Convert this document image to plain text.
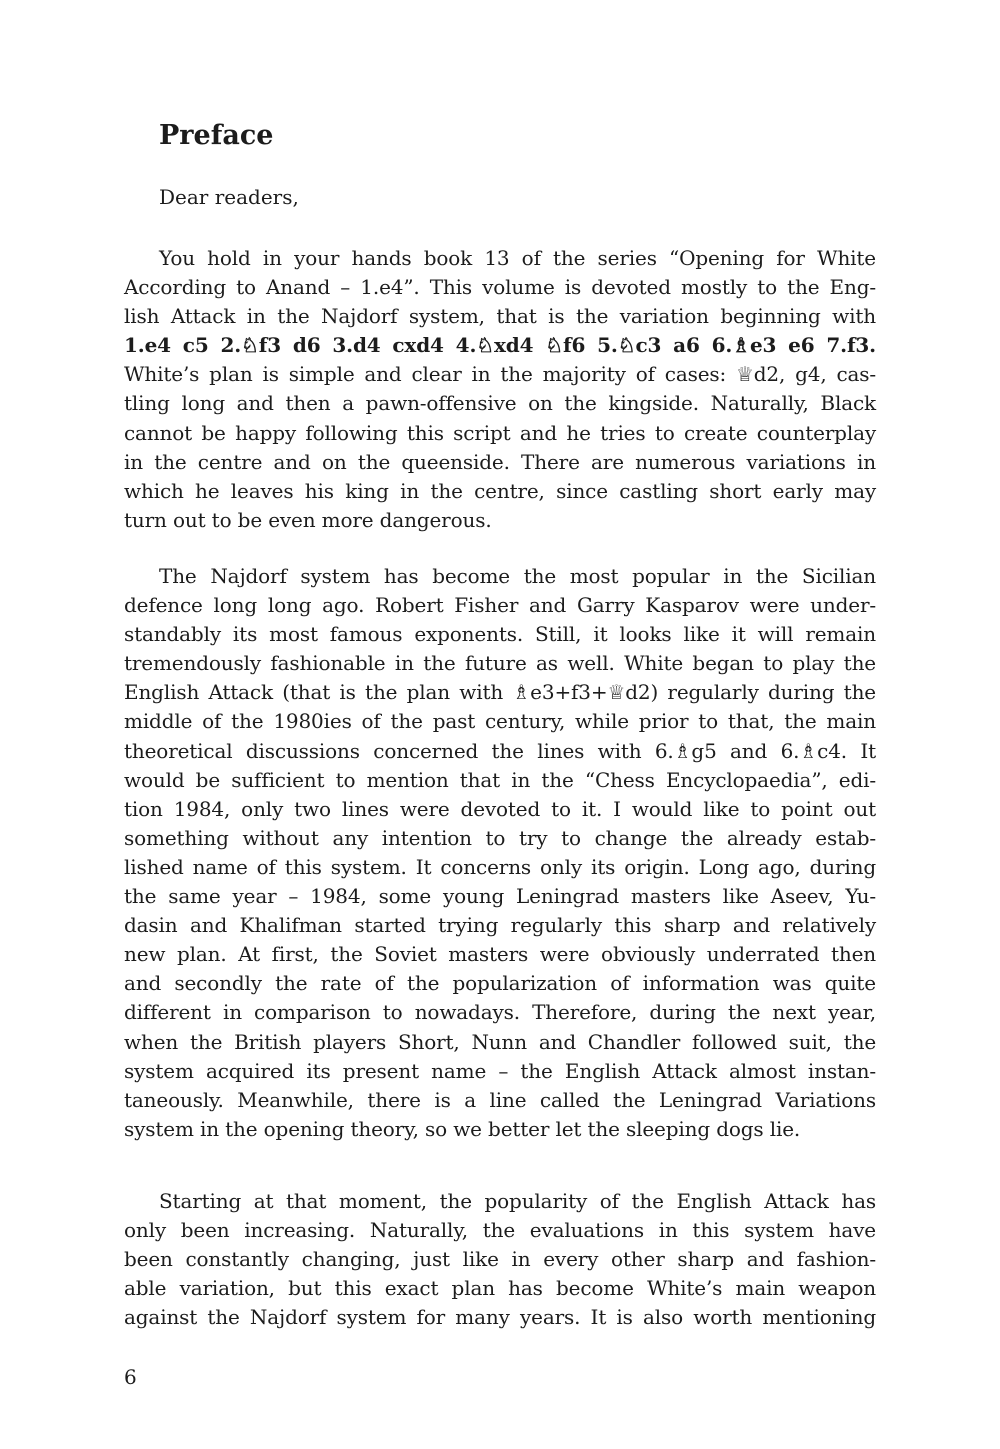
Preface

Dear readers,

You hold in your hands book 13 of the series “Opening for White
According to Anand – 1.e4”. This volume is devoted mostly to the Eng-
lish Attack in the Najdorf system, that is the variation beginning with
1.e4 c5 2.♘f3 d6 3.d4 cxd4 4.♘xd4 ♘f6 5.♘c3 a6 6.♗e3 e6 7.f3.
White’s plan is simple and clear in the majority of cases: ♕d2, g4, cas-
tling long and then a pawn-offensive on the kingside. Naturally, Black
cannot be happy following this script and he tries to create counterplay
in the centre and on the queenside. There are numerous variations in
which he leaves his king in the centre, since castling short early may
turn out to be even more dangerous.
The Najdorf system has become the most popular in the Sicilian
defence long long ago. Robert Fisher and Garry Kasparov were under-
standably its most famous exponents. Still, it looks like it will remain
tremendously fashionable in the future as well. White began to play the
English Attack (that is the plan with ♗e3+f3+♕d2) regularly during the
middle of the 1980ies of the past century, while prior to that, the main
theoretical discussions concerned the lines with 6.♗g5 and 6.♗c4. It
would be sufficient to mention that in the “Chess Encyclopaedia”, edi-
tion 1984, only two lines were devoted to it. I would like to point out
something without any intention to try to change the already estab-
lished name of this system. It concerns only its origin. Long ago, during
the same year – 1984, some young Leningrad masters like Aseev, Yu-
dasin and Khalifman started trying regularly this sharp and relatively
new plan. At first, the Soviet masters were obviously underrated then
and secondly the rate of the popularization of information was quite
different in comparison to nowadays. Therefore, during the next year,
when the British players Short, Nunn and Chandler followed suit, the
system acquired its present name – the English Attack almost instan-
taneously. Meanwhile, there is a line called the Leningrad Variations
system in the opening theory, so we better let the sleeping dogs lie.
Starting at that moment, the popularity of the English Attack has
only been increasing. Naturally, the evaluations in this system have
been constantly changing, just like in every other sharp and fashion-
able variation, but this exact plan has become White’s main weapon
against the Najdorf system for many years. It is also worth mentioning

6
